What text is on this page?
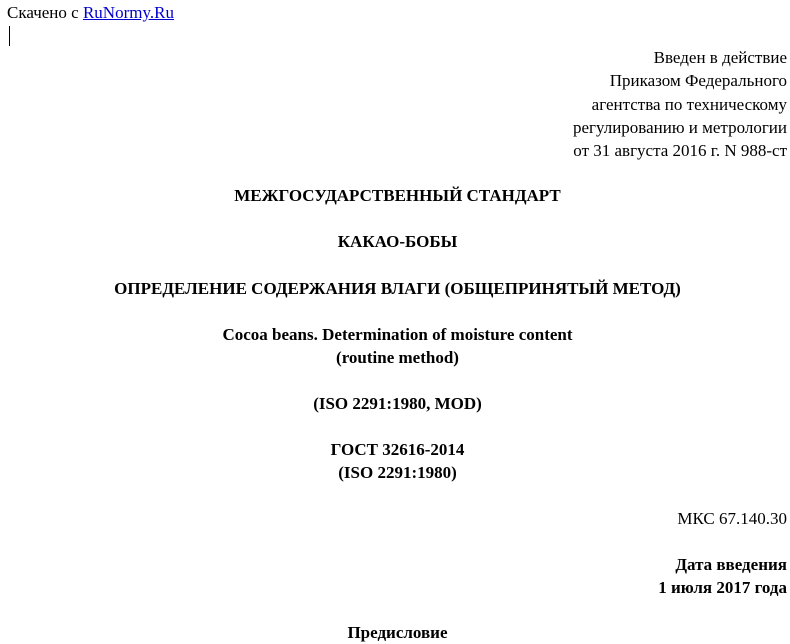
Скачено с RuNormy.Ru
Введен в действие
Приказом Федерального
агентства по техническому
регулированию и метрологии
от 31 августа 2016 г. N 988-ст
МЕЖГОСУДАРСТВЕННЫЙ СТАНДАРТ
КАКАО-БОБЫ
ОПРЕДЕЛЕНИЕ СОДЕРЖАНИЯ ВЛАГИ (ОБЩЕПРИНЯТЫЙ МЕТОД)
Cocoa beans. Determination of moisture content
(routine method)
(ISO 2291:1980, MOD)
ГОСТ 32616-2014
(ISO 2291:1980)
МКС 67.140.30
Дата введения
1 июля 2017 года
Предисловие
